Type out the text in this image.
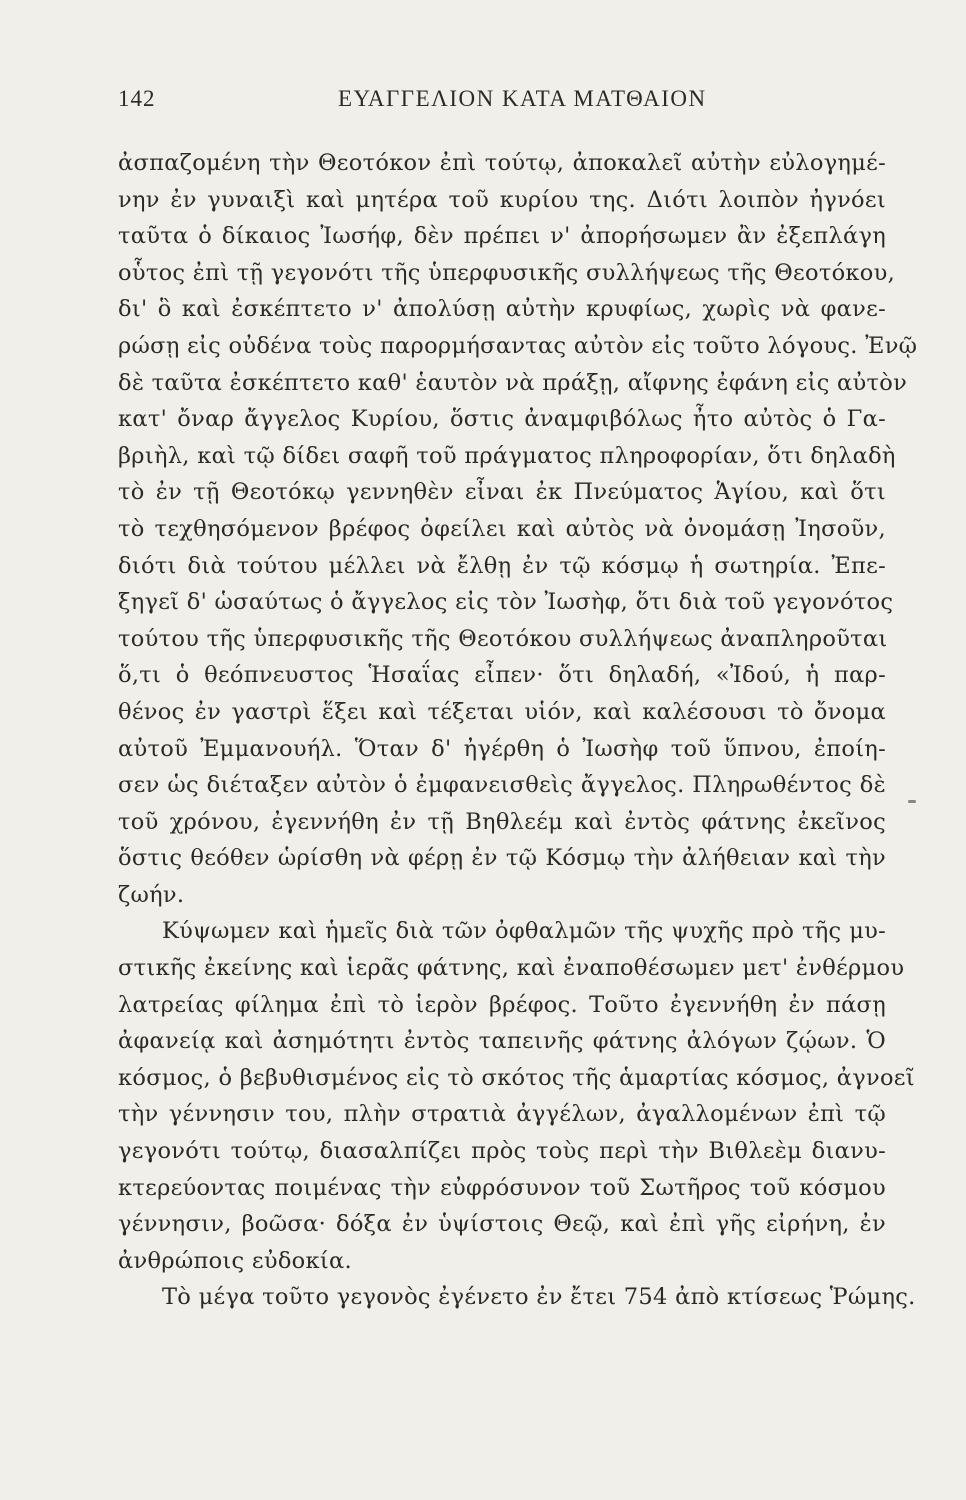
142	ΕΥΑΓΓΕΛΙΟΝ ΚΑΤΑ ΜΑΤΘΑΙΟΝ
ἀσπαζομένη τὴν Θεοτόκον ἐπὶ τούτῳ, ἀποκαλεῖ αὐτὴν εὐλογημέ-
νην ἐν γυναιξὶ καὶ μητέρα τοῦ κυρίου της. Διότι λοιπὸν ἠγνόει
ταῦτα ὁ δίκαιος Ἰωσήφ, δὲν πρέπει ν' ἀπορήσωμεν ἂν ἐξεπλάγη
οὗτος ἐπὶ τῇ γεγονότι τῆς ὑπερφυσικῆς συλλήψεως τῆς Θεοτόκου,
δι' ὃ καὶ ἐσκέπτετο ν' ἀπολύσῃ αὐτὴν κρυφίως, χωρὶς νὰ φανε-
ρώσῃ εἰς οὐδένα τοὺς παρορμήσαντας αὐτὸν εἰς τοῦτο λόγους. Ἐνῷ
δὲ ταῦτα ἐσκέπτετο καθ' ἑαυτὸν νὰ πράξῃ, αἴφνης ἐφάνη εἰς αὐτὸν
κατ' ὄναρ ἄγγελος Κυρίου, ὅστις ἀναμφιβόλως ἦτο αὐτὸς ὁ Γα-
βριὴλ, καὶ τῷ δίδει σαφῆ τοῦ πράγματος πληροφορίαν, ὅτι δηλαδὴ
τὸ ἐν τῇ Θεοτόκῳ γεννηθὲν εἶναι ἐκ Πνεύματος Ἁγίου, καὶ ὅτι
τὸ τεχθησόμενον βρέφος ὀφείλει καὶ αὐτὸς νὰ ὀνομάσῃ Ἰησοῦν,
διότι διὰ τούτου μέλλει νὰ ἔλθῃ ἐν τῷ κόσμῳ ἡ σωτηρία. Ἐπε-
ξηγεῖ δ' ὡσαύτως ὁ ἄγγελος εἰς τὸν Ἰωσὴφ, ὅτι διὰ τοῦ γεγονότος
τούτου τῆς ὑπερφυσικῆς τῆς Θεοτόκου συλλήψεως ἀναπληροῦται
ὅ,τι ὁ θεόπνευστος Ἡσαΐας εἶπεν· ὅτι δηλαδή, «Ἰδού, ἡ παρ-
θένος ἐν γαστρὶ ἕξει καὶ τέξεται υἱόν, καὶ καλέσουσι τὸ ὄνομα
αὐτοῦ Ἐμμανουήλ. Ὅταν δ' ἠγέρθη ὁ Ἰωσὴφ τοῦ ὕπνου, ἐποίη-
σεν ὡς διέταξεν αὐτὸν ὁ ἐμφανεισθεὶς ἄγγελος. Πληρωθέντος δὲ
τοῦ χρόνου, ἐγεννήθη ἐν τῇ Βηθλεέμ καὶ ἐντὸς φάτνης ἐκεῖνος
ὅστις θεόθεν ὡρίσθη νὰ φέρῃ ἐν τῷ Κόσμῳ τὴν ἀλήθειαν καὶ τὴν
ζωήν.
Κύψωμεν καὶ ἡμεῖς διὰ τῶν ὀφθαλμῶν τῆς ψυχῆς πρὸ τῆς μυ-
στικῆς ἐκείνης καὶ ἱερᾶς φάτνης, καὶ ἐναποθέσωμεν μετ' ἐνθέρμου
λατρείας φίλημα ἐπὶ τὸ ἱερὸν βρέφος. Τοῦτο ἐγεννήθη ἐν πάσῃ
ἀφανείᾳ καὶ ἀσημότητι ἐντὸς ταπεινῆς φάτνης ἀλόγων ζῴων. Ὁ
κόσμος, ὁ βεβυθισμένος εἰς τὸ σκότος τῆς ἁμαρτίας κόσμος, ἀγνοεῖ
τὴν γέννησιν του, πλὴν στρατιὰ ἀγγέλων, ἀγαλλομένων ἐπὶ τῷ
γεγονότι τούτῳ, διασαλπίζει πρὸς τοὺς περὶ τὴν Βιθλεὲμ διανυ-
κτερεύοντας ποιμένας τὴν εὐφρόσυνον τοῦ Σωτῆρος τοῦ κόσμου
γέννησιν, βοῶσα· δόξα ἐν ὑψίστοις Θεῷ, καὶ ἐπὶ γῆς εἰρήνη, ἐν
ἀνθρώποις εὐδοκία.
Τὸ μέγα τοῦτο γεγονὸς ἐγένετο ἐν ἔτει 754 ἀπὸ κτίσεως Ῥώμης.
